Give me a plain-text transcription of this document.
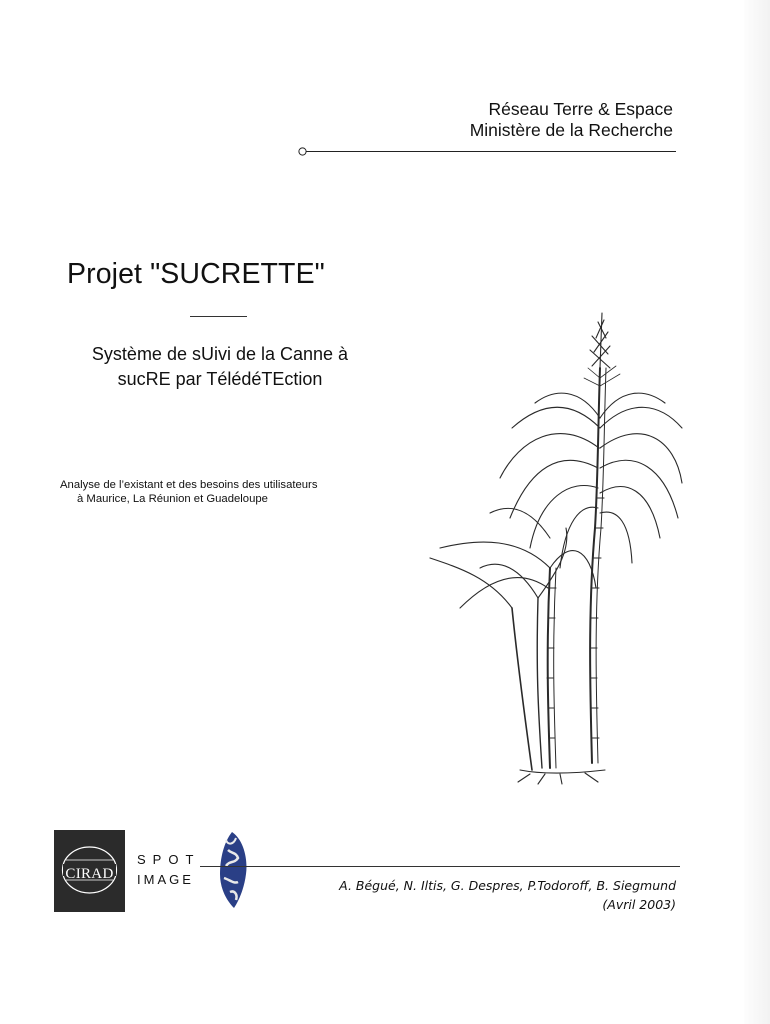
Réseau Terre & Espace
Ministère de la Recherche
Projet "SUCRETTE"
Système de sUivi de la Canne à
sucRE par TélédéTEction
Analyse de l’existant et des besoins des utilisateurs
à Maurice, La Réunion et Guadeloupe
CIRAD
SPOT
IMAGE	A. Bégué, N. Iltis, G. Despres, P.Todoroff, B. Siegmund
(Avril 2003)
